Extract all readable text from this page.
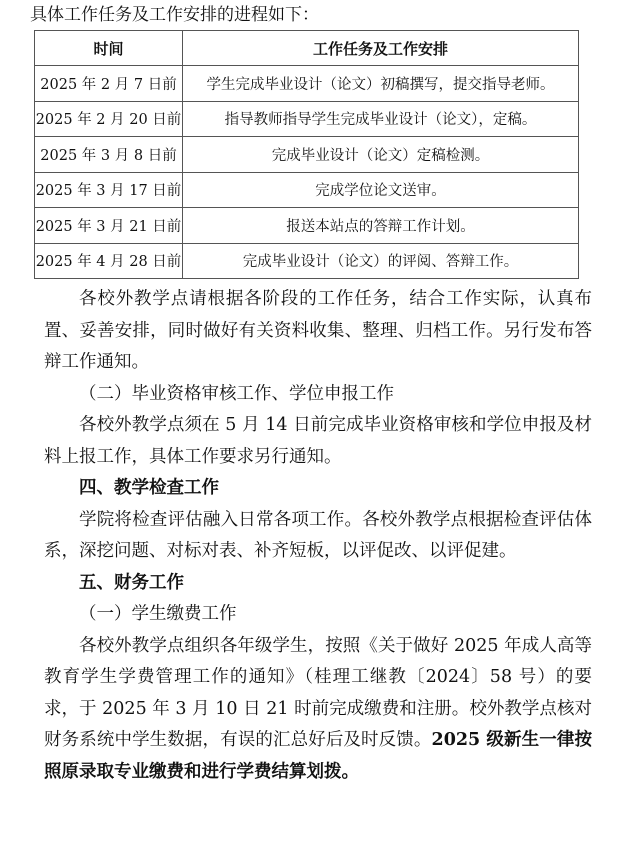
具体工作任务及工作安排的进程如下：
时间	工作任务及工作安排
2025 年 2 月 7 日前	学生完成毕业设计（论文）初稿撰写，提交指导老师。
2025 年 2 月 20 日前	指导教师指导学生完成毕业设计（论文），定稿。
2025 年 3 月 8 日前	完成毕业设计（论文）定稿检测。
2025 年 3 月 17 日前	完成学位论文送审。
2025 年 3 月 21 日前	报送本站点的答辩工作计划。
2025 年 4 月 28 日前	完成毕业设计（论文）的评阅、答辩工作。

各校外教学点请根据各阶段的工作任务，结合工作实际，认真布置、妥善安排，同时做好有关资料收集、整理、归档工作。另行发布答辩工作通知。

（二）毕业资格审核工作、学位申报工作

各校外教学点须在 5 月 14 日前完成毕业资格审核和学位申报及材料上报工作，具体工作要求另行通知。

四、教学检查工作

学院将检查评估融入日常各项工作。各校外教学点根据检查评估体系，深挖问题、对标对表、补齐短板，以评促改、以评促建。

五、财务工作

（一）学生缴费工作

各校外教学点组织各年级学生，按照《关于做好 2025 年成人高等教育学生学费管理工作的通知》（桂理工继教〔2024〕58 号）的要求，于 2025 年 3 月 10 日 21 时前完成缴费和注册。校外教学点核对财务系统中学生数据，有误的汇总好后及时反馈。2025 级新生一律按照原录取专业缴费和进行学费结算划拨。
